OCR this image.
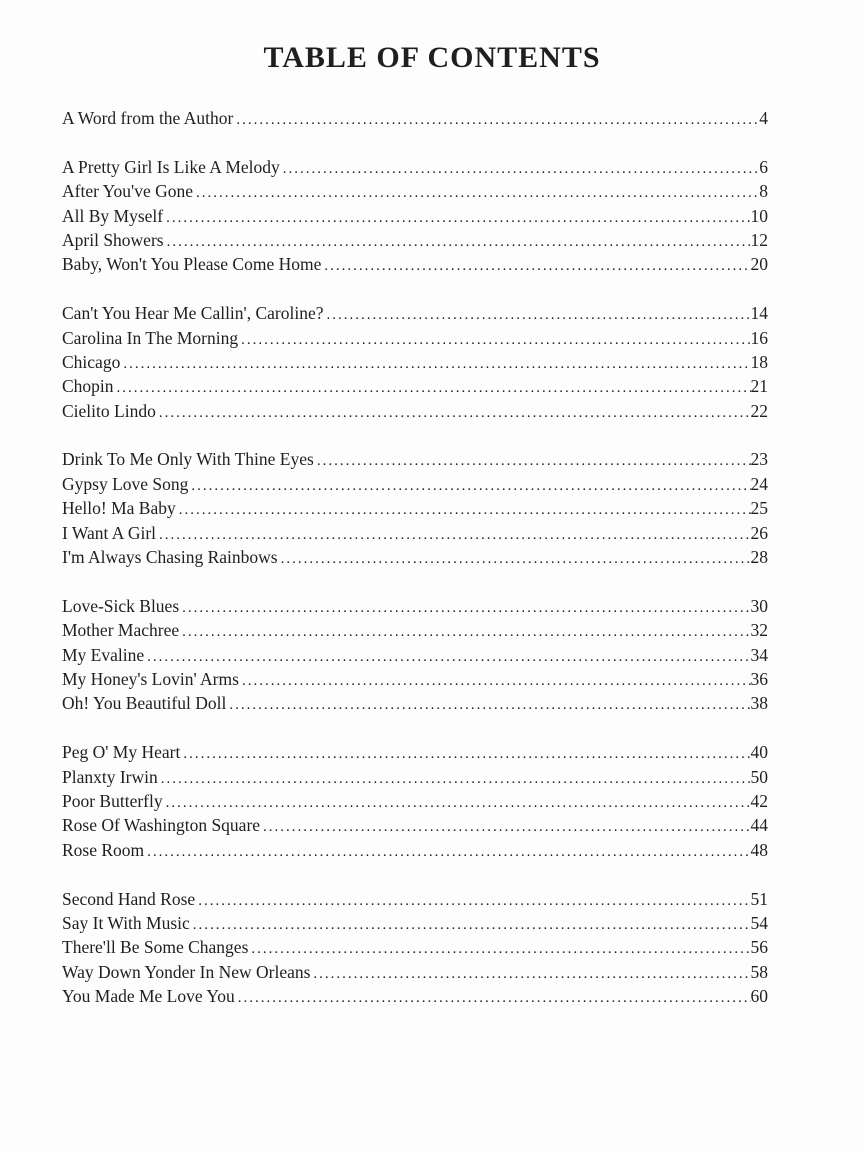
TABLE OF CONTENTS
A Word from the Author .....	4
A Pretty Girl Is Like A Melody .....	6
After You've Gone .....	8
All By Myself .....	10
April Showers .....	12
Baby, Won't You Please Come Home .....	20
Can't You Hear Me Callin', Caroline? .....	14
Carolina In The Morning .....	16
Chicago .....	18
Chopin .....	21
Cielito Lindo .....	22
Drink To Me Only With Thine Eyes .....	23
Gypsy Love Song .....	24
Hello! Ma Baby .....	25
I Want A Girl .....	26
I'm Always Chasing Rainbows .....	28
Love-Sick Blues .....	30
Mother Machree .....	32
My Evaline .....	34
My Honey's Lovin' Arms .....	36
Oh! You Beautiful Doll .....	38
Peg O' My Heart .....	40
Planxty Irwin .....	50
Poor Butterfly .....	42
Rose Of Washington Square .....	44
Rose Room .....	48
Second Hand Rose .....	51
Say It With Music .....	54
There'll Be Some Changes .....	56
Way Down Yonder In New Orleans .....	58
You Made Me Love You .....	60
